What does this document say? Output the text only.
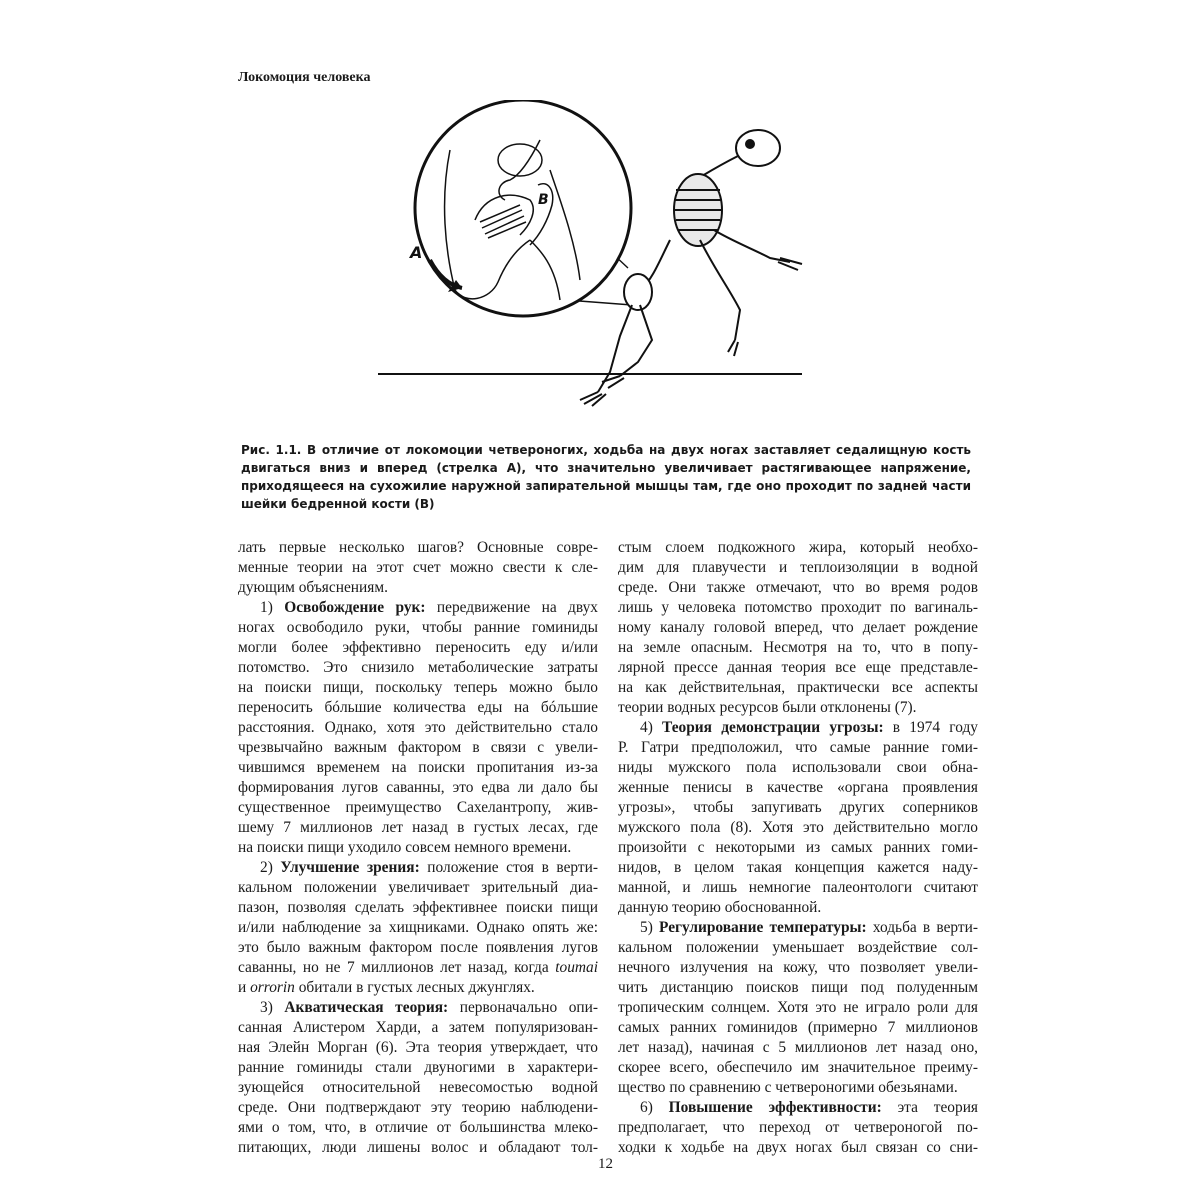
Локомоция человека
A
B
Рис. 1.1. В отличие от локомоции четвероногих, ходьба на двух ногах заставляет седалищную кость
двигаться вниз и вперед (стрелка А), что значительно увеличивает растягивающее напряжение,
приходящееся на сухожилие наружной запирательной мышцы там, где оно проходит по задней части
шейки бедренной кости (В)
лать первые несколько шагов? Основные совре-
менные теории на этот счет можно свести к сле-
дующим объяснениям.
1) Освобождение рук: передвижение на двух
ногах освободило руки, чтобы ранние гоминиды
могли более эффективно переносить еду и/или
потомство. Это снизило метаболические затраты
на поиски пищи, поскольку теперь можно было
переносить бóльшие количества еды на бóльшие
расстояния. Однако, хотя это действительно стало
чрезвычайно важным фактором в связи с увели-
чившимся временем на поиски пропитания из-за
формирования лугов саванны, это едва ли дало бы
существенное преимущество Сахелантропу, жив-
шему 7 миллионов лет назад в густых лесах, где
на поиски пищи уходило совсем немного времени.
2) Улучшение зрения: положение стоя в верти-
кальном положении увеличивает зрительный диа-
пазон, позволяя сделать эффективнее поиски пищи
и/или наблюдение за хищниками. Однако опять же:
это было важным фактором после появления лугов
саванны, но не 7 миллионов лет назад, когда toumai
и orrorin обитали в густых лесных джунглях.
3) Акватическая теория: первоначально опи-
санная Алистером Харди, а затем популяризован-
ная Элейн Морган (6). Эта теория утверждает, что
ранние гоминиды стали двуногими в характери-
зующейся относительной невесомостью водной
среде. Они подтверждают эту теорию наблюдени-
ями о том, что, в отличие от большинства млеко-
питающих, люди лишены волос и обладают тол-
стым слоем подкожного жира, который необхо-
дим для плавучести и теплоизоляции в водной
среде. Они также отмечают, что во время родов
лишь у человека потомство проходит по вагиналь-
ному каналу головой вперед, что делает рождение
на земле опасным. Несмотря на то, что в попу-
лярной прессе данная теория все еще представле-
на как действительная, практически все аспекты
теории водных ресурсов были отклонены (7).
4) Теория демонстрации угрозы: в 1974 году
Р. Гатри предположил, что самые ранние гоми-
ниды мужского пола использовали свои обна-
женные пенисы в качестве «органа проявления
угрозы», чтобы запугивать других соперников
мужского пола (8). Хотя это действительно могло
произойти с некоторыми из самых ранних гоми-
нидов, в целом такая концепция кажется наду-
манной, и лишь немногие палеонтологи считают
данную теорию обоснованной.
5) Регулирование температуры: ходьба в верти-
кальном положении уменьшает воздействие сол-
нечного излучения на кожу, что позволяет увели-
чить дистанцию поисков пищи под полуденным
тропическим солнцем. Хотя это не играло роли для
самых ранних гоминидов (примерно 7 миллионов
лет назад), начиная с 5 миллионов лет назад оно,
скорее всего, обеспечило им значительное преиму-
щество по сравнению с четвероногими обезьянами.
6) Повышение эффективности: эта теория
предполагает, что переход от четвероногой по-
ходки к ходьбе на двух ногах был связан со сни-
12
